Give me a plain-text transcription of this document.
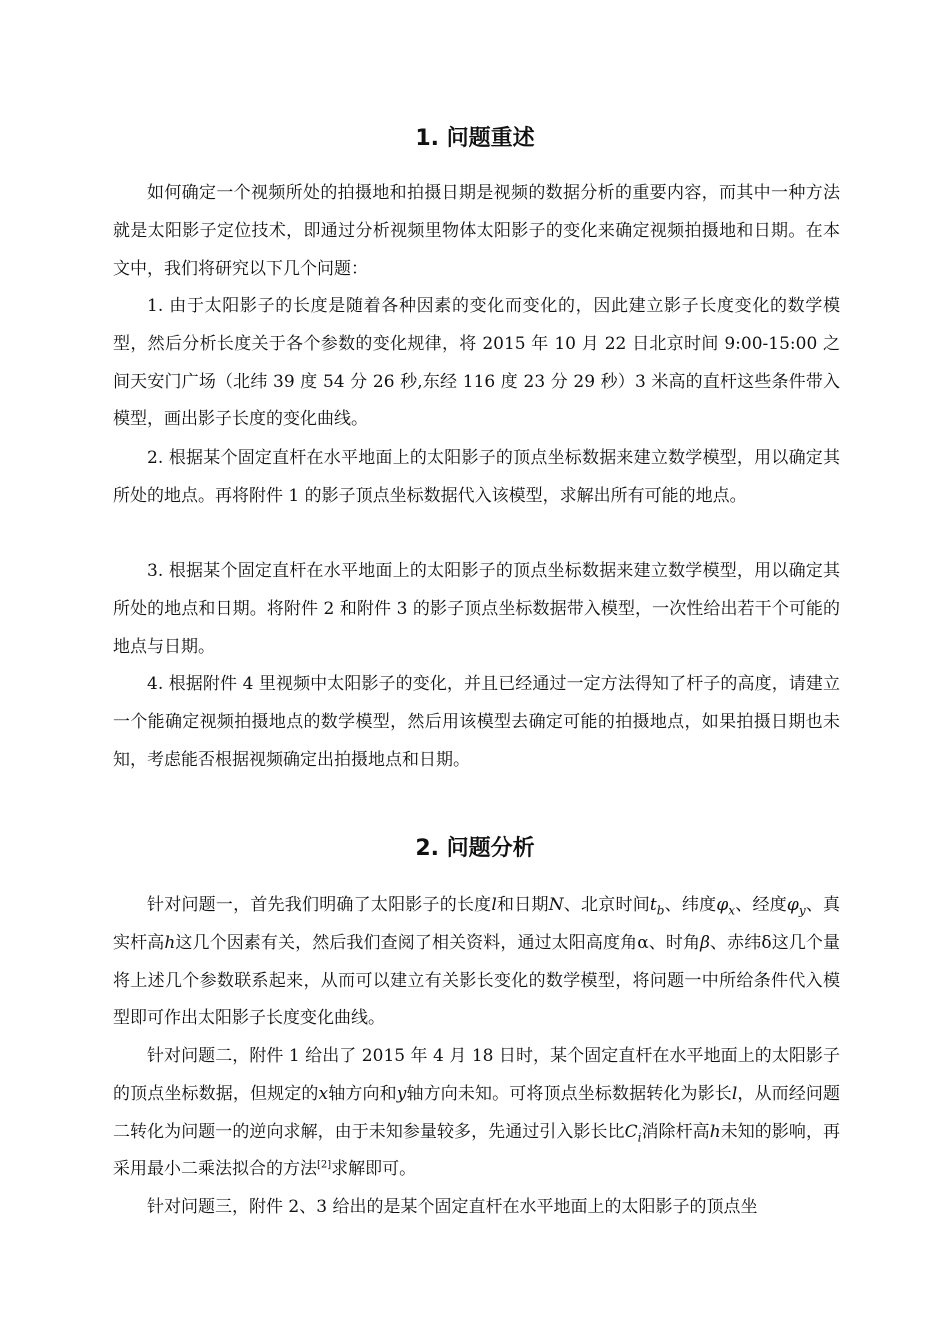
1. 问题重述

如何确定一个视频所处的拍摄地和拍摄日期是视频的数据分析的重要内容，而其中一种方法就是太阳影子定位技术，即通过分析视频里物体太阳影子的变化来确定视频拍摄地和日期。在本文中，我们将研究以下几个问题：

1. 由于太阳影子的长度是随着各种因素的变化而变化的，因此建立影子长度变化的数学模型，然后分析长度关于各个参数的变化规律，将 2015 年 10 月 22 日北京时间 9:00-15:00 之间天安门广场（北纬 39 度 54 分 26 秒,东经 116 度 23 分 29 秒）3 米高的直杆这些条件带入模型，画出影子长度的变化曲线。

2. 根据某个固定直杆在水平地面上的太阳影子的顶点坐标数据来建立数学模型，用以确定其所处的地点。再将附件 1 的影子顶点坐标数据代入该模型，求解出所有可能的地点。

3. 根据某个固定直杆在水平地面上的太阳影子的顶点坐标数据来建立数学模型，用以确定其所处的地点和日期。将附件 2 和附件 3 的影子顶点坐标数据带入模型，一次性给出若干个可能的地点与日期。

4. 根据附件 4 里视频中太阳影子的变化，并且已经通过一定方法得知了杆子的高度，请建立一个能确定视频拍摄地点的数学模型，然后用该模型去确定可能的拍摄地点，如果拍摄日期也未知，考虑能否根据视频确定出拍摄地点和日期。

2. 问题分析

针对问题一，首先我们明确了太阳影子的长度l和日期N、北京时间$t_b$、纬度$\varphi_x$、经度$\varphi_y$、真实杆高h这几个因素有关，然后我们查阅了相关资料，通过太阳高度角α、时角β、赤纬δ这几个量将上述几个参数联系起来，从而可以建立有关影长变化的数学模型，将问题一中所给条件代入模型即可作出太阳影子长度变化曲线。

针对问题二，附件 1 给出了 2015 年 4 月 18 日时，某个固定直杆在水平地面上的太阳影子的顶点坐标数据，但规定的x轴方向和y轴方向未知。可将顶点坐标数据转化为影长l，从而经问题二转化为问题一的逆向求解，由于未知参量较多，先通过引入影长比$C_i$消除杆高h未知的影响，再采用最小二乘法拟合的方法[2]求解即可。

针对问题三，附件 2、3 给出的是某个固定直杆在水平地面上的太阳影子的顶点坐
